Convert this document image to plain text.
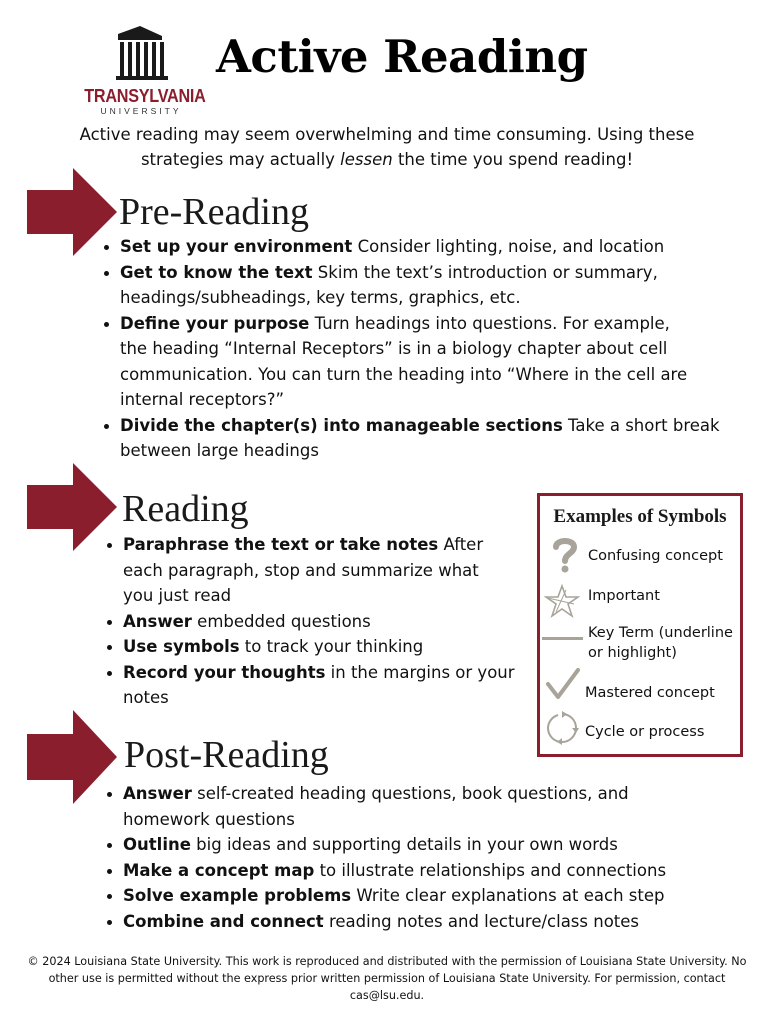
TRANSYLVANIA
UNIVERSITY
Active Reading
Active reading may seem overwhelming and time consuming. Using these strategies may actually lessen the time you spend reading!
Pre-Reading
• Set up your environment Consider lighting, noise, and location
• Get to know the text Skim the text’s introduction or summary, headings/subheadings, key terms, graphics, etc.
• Define your purpose Turn headings into questions. For example, the heading “Internal Receptors” is in a biology chapter about cell communication. You can turn the heading into “Where in the cell are internal receptors?”
• Divide the chapter(s) into manageable sections Take a short break between large headings
Reading
• Paraphrase the text or take notes After each paragraph, stop and summarize what you just read
• Answer embedded questions
• Use symbols to track your thinking
• Record your thoughts in the margins or your notes
Examples of Symbols
Confusing concept
Important
Key Term (underline or highlight)
Mastered concept
Cycle or process
Post-Reading
• Answer self-created heading questions, book questions, and homework questions
• Outline big ideas and supporting details in your own words
• Make a concept map to illustrate relationships and connections
• Solve example problems Write clear explanations at each step
• Combine and connect reading notes and lecture/class notes
© 2024 Louisiana State University. This work is reproduced and distributed with the permission of Louisiana State University. No other use is permitted without the express prior written permission of Louisiana State University. For permission, contact cas@lsu.edu.
